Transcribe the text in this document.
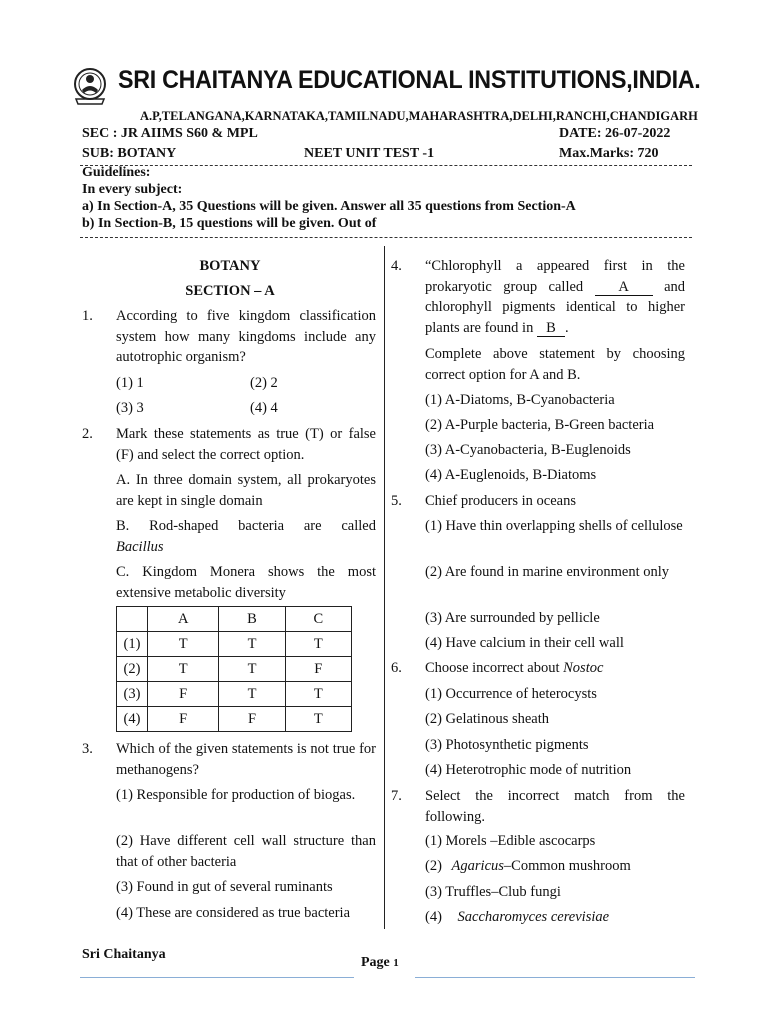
SRI CHAITANYA EDUCATIONAL INSTITUTIONS,INDIA.
A.P,TELANGANA,KARNATAKA,TAMILNADU,MAHARASHTRA,DELHI,RANCHI,CHANDIGARH
SEC : JR AIIMS S60 & MPL	DATE: 26-07-2022
SUB: BOTANY	NEET UNIT TEST -1	Max.Marks: 720
Guidelines:
In every subject:
a) In Section-A, 35 Questions will be given. Answer all 35 questions from Section-A
b) In Section-B, 15 questions will be given. Out of
BOTANY
SECTION – A
1. According to five kingdom classification system how many kingdoms include any autotrophic organism?

(1) 1	(2) 2
(3) 3	(4) 4
2. Mark these statements as true (T) or false (F) and select the correct option.

A. In three domain system, all prokaryotes are kept in single domain

B. Rod-shaped bacteria are called
Bacillus

C. Kingdom Monera shows the most extensive metabolic diversity

	A	B	C
(1)	T	T	T
(2)	T	T	F
(3)	F	T	T
(4)	F	F	T
3. Which of the given statements is not true for methanogens?

(1) Responsible for production of biogas.

(2) Have different cell wall structure than that of other bacteria

(3) Found in gut of several ruminants
(4) These are considered as true bacteria
4. “Chlorophyll a appeared first in the prokaryotic group called A and chlorophyll pigments identical to higher plants are found in B .

Complete above statement by choosing correct option for A and B.

(1) A-Diatoms, B-Cyanobacteria
(2) A-Purple bacteria, B-Green bacteria
(3) A-Cyanobacteria, B-Euglenoids
(4) A-Euglenoids, B-Diatoms
5. Chief producers in oceans

(1) Have thin overlapping shells of cellulose

(2) Are found in marine environment only

(3) Are surrounded by pellicle
(4) Have calcium in their cell wall
6. Choose incorrect about Nostoc
(1) Occurrence of heterocysts
(2) Gelatinous sheath
(3) Photosynthetic pigments
(4) Heterotrophic mode of nutrition
7. Select the incorrect match from the following.

(1) Morels –Edible ascocarps
(2) Agaricus–Common mushroom
(3) Truffles–Club fungi
(4) Saccharomyces cerevisiae
Sri Chaitanya
Page 1
